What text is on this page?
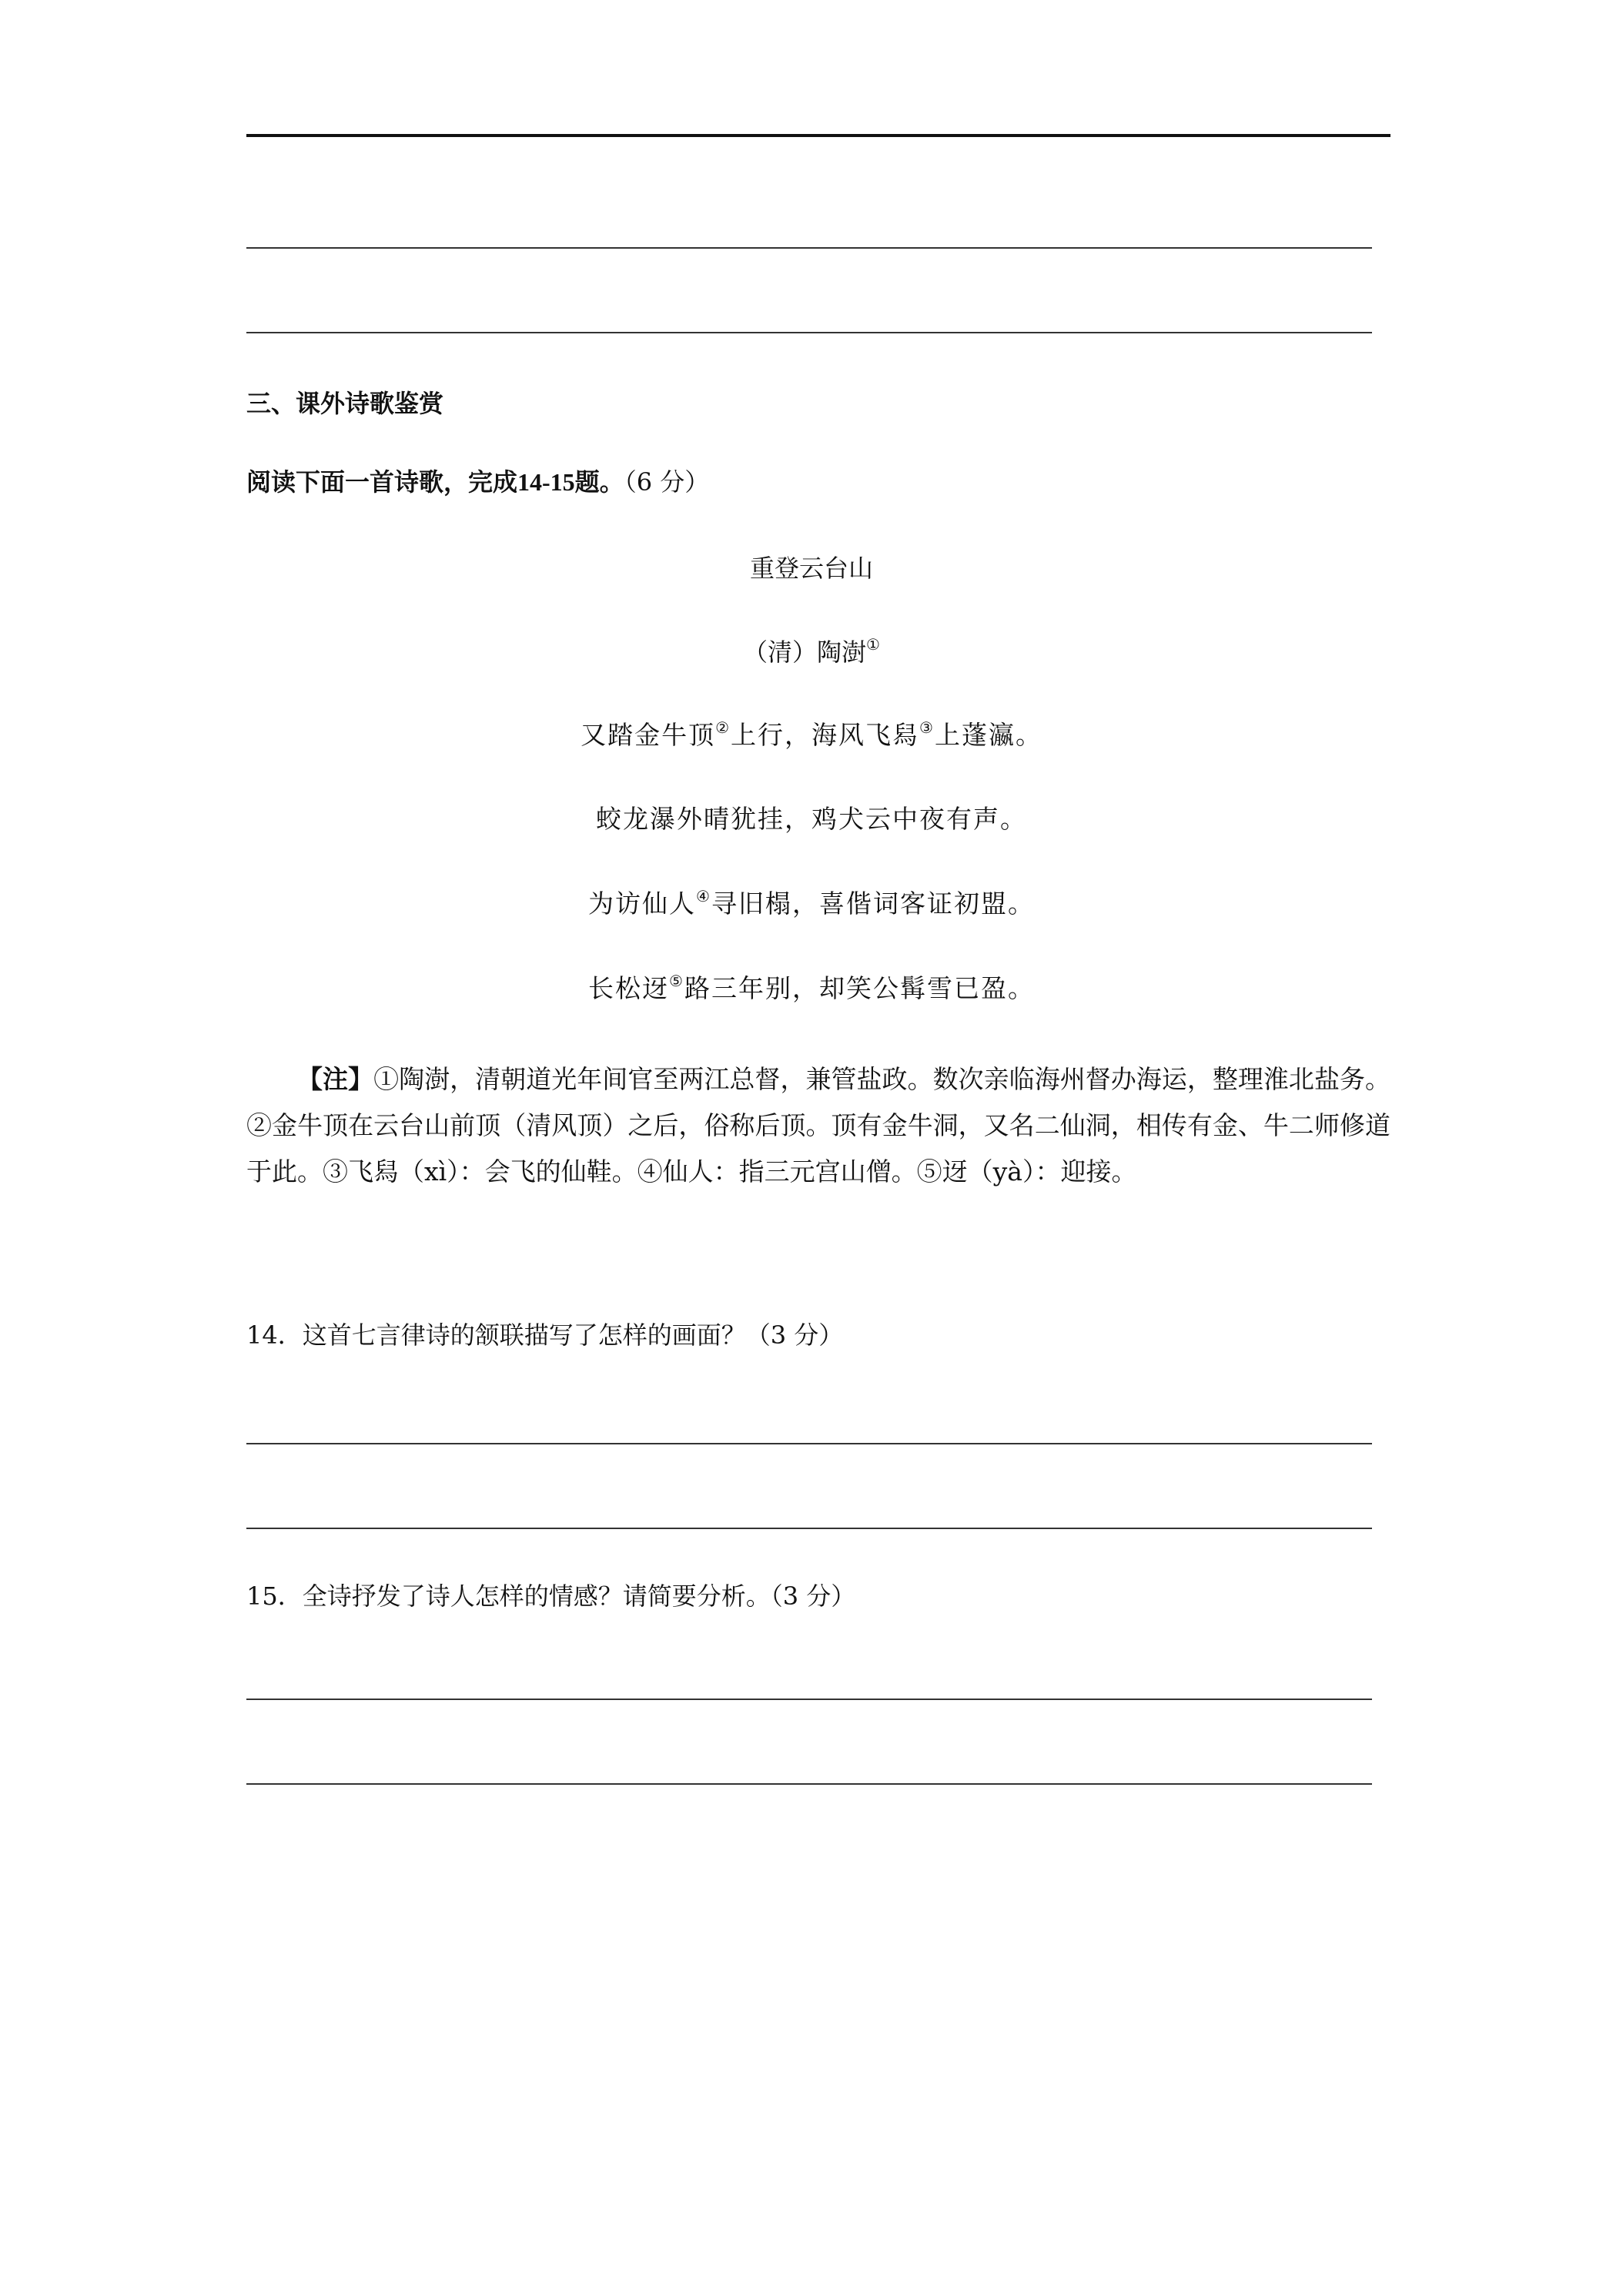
三、课外诗歌鉴赏
阅读下面一首诗歌，完成14-15题。（6 分）
重登云台山
（清）陶澍①
又踏金牛顶②上行，海风飞舄③上蓬瀛。
蛟龙瀑外晴犹挂，鸡犬云中夜有声。
为访仙人④寻旧榻，喜偕词客证初盟。
长松迓⑤路三年别，却笑公髯雪已盈。
【注】①陶澍，清朝道光年间官至两江总督，兼管盐政。数次亲临海州督办海运，整理淮北盐务。②金牛顶在云台山前顶（清风顶）之后，俗称后顶。顶有金牛洞，又名二仙洞，相传有金、牛二师修道于此。③飞舄（xì）：会飞的仙鞋。④仙人：指三元宫山僧。⑤迓（yà）：迎接。
14．这首七言律诗的颔联描写了怎样的画面？（3 分）
15．全诗抒发了诗人怎样的情感？请简要分析。（3 分）
